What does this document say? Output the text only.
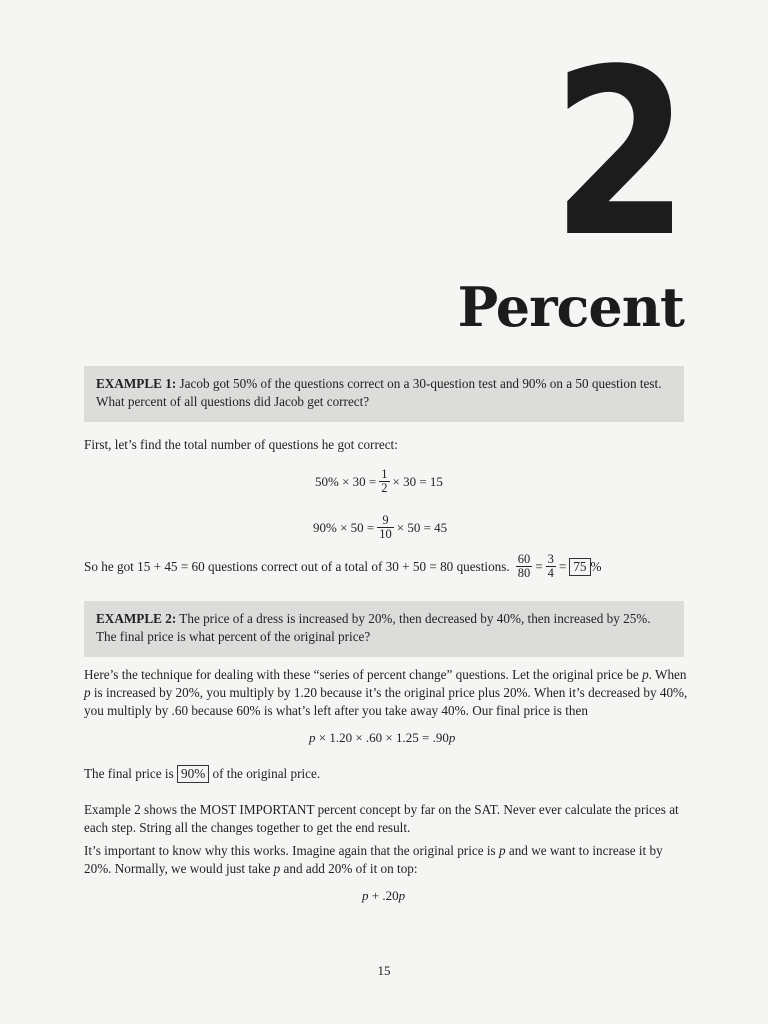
2
Percent
EXAMPLE 1: Jacob got 50% of the questions correct on a 30-question test and 90% on a 50 question test. What percent of all questions did Jacob get correct?
First, let’s find the total number of questions he got correct:
$50\% \times 30 = \frac{1}{2} \times 30 = 15$
$90\% \times 50 = \frac{9}{10} \times 50 = 45$
So he got 15 + 45 = 60 questions correct out of a total of 30 + 50 = 80 questions. $\frac{60}{80} = \frac{3}{4} = 75$ %
EXAMPLE 2: The price of a dress is increased by 20%, then decreased by 40%, then increased by 25%. The final price is what percent of the original price?
Here’s the technique for dealing with these “series of percent change” questions. Let the original price be p. When p is increased by 20%, you multiply by 1.20 because it’s the original price plus 20%. When it’s decreased by 40%, you multiply by .60 because 60% is what’s left after you take away 40%. Our final price is then
p × 1.20 × .60 × 1.25 = .90 p
The final price is 90% of the original price.
Example 2 shows the MOST IMPORTANT percent concept by far on the SAT. Never ever calculate the prices at each step. String all the changes together to get the end result.
It’s important to know why this works. Imagine again that the original price is p and we want to increase it by 20%. Normally, we would just take p and add 20% of it on top:
p + .20 p
15
